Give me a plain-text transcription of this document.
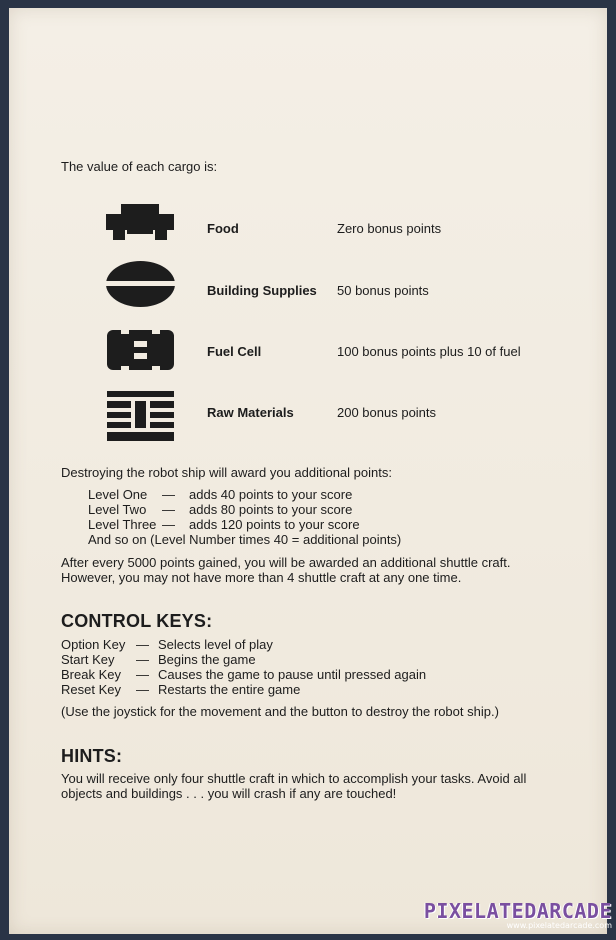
The value of each cargo is:
Food	Zero bonus points
Building Supplies 50 bonus points
Fuel Cell	100 bonus points plus 10 of fuel
Raw Materials	200 bonus points
Destroying the robot ship will award you additional points:
Level One — adds 40 points to your score
Level Two — adds 80 points to your score
Level Three — adds 120 points to your score
And so on (Level Number times 40 = additional points)
After every 5000 points gained, you will be awarded an additional shuttle craft.
However, you may not have more than 4 shuttle craft at any one time.
CONTROL KEYS:
Option Key — Selects level of play
Start Key — Begins the game
Break Key — Causes the game to pause until pressed again
Reset Key — Restarts the entire game
(Use the joystick for the movement and the button to destroy the robot ship.)
HINTS:
You will receive only four shuttle craft in which to accomplish your tasks. Avoid all
objects and buildings . . . you will crash if any are touched!
PIXELATEDARCADE
www.pixelatedarcade.com
